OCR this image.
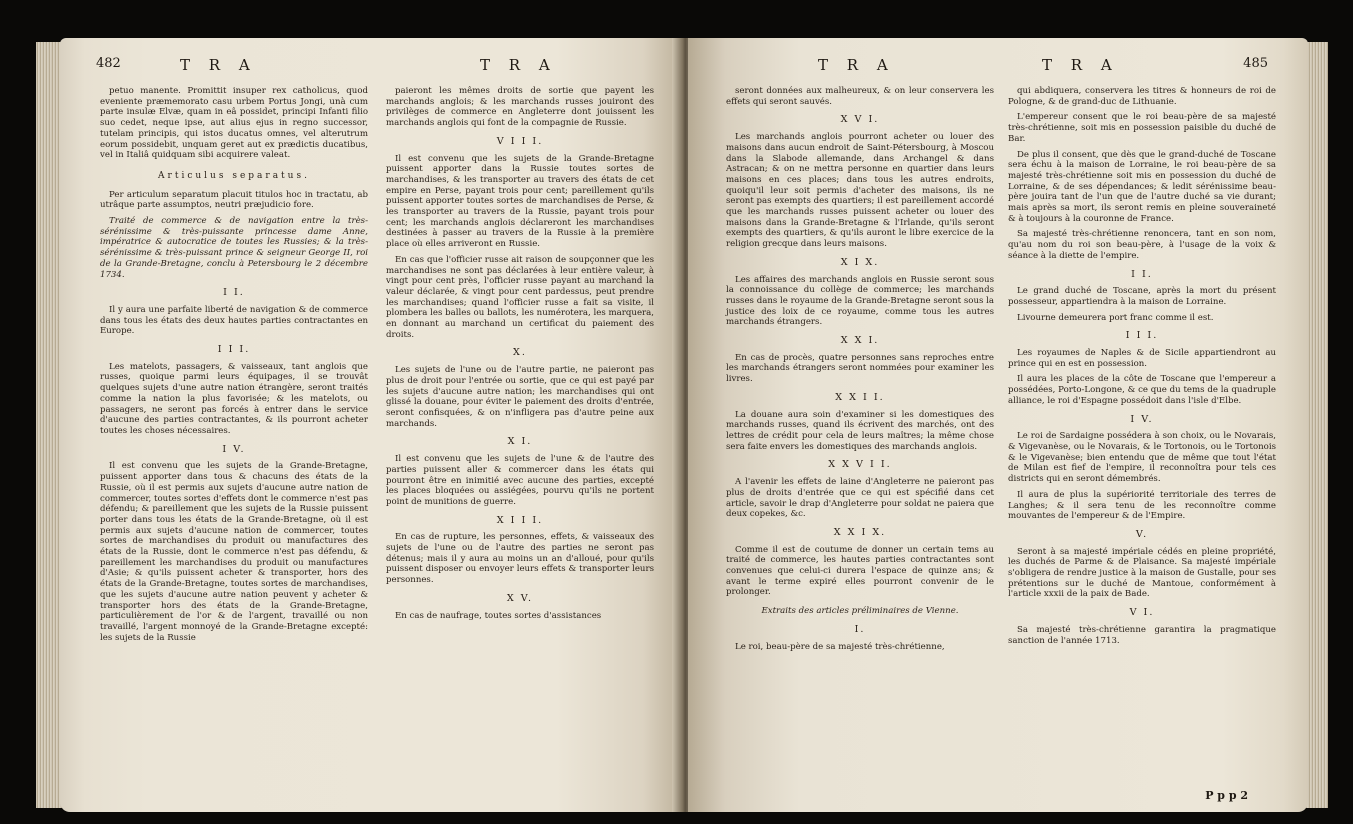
482	T R A	T R A

petuo manente. Promittit insuper rex catholicus, quod eveniente præmemorato casu urbem Portus Jongi, unà cum parte insulæ Elvæ, quam in eâ possidet, principi Infanti filio suo cedet, neque ipse, aut alius ejus in regno successor, tutelam principis, qui istos ducatus omnes, vel alterutrum eorum possidebit, unquam geret aut ex prædictis ducatibus, vel in Italiâ quidquam sibi acquirere valeat.

Articulus separatus.

Per articulum separatum placuit titulos hoc in tractatu, ab utrâque parte assumptos, neutri præjudicio fore.

Traité de commerce & de navigation entre la très-sérénissime & très-puissante princesse dame Anne, impératrice & autocratice de toutes les Russies; & la très-sérénissime & très-puissant prince & seigneur George II, roi de la Grande-Bretagne, conclu à Petersbourg le 2 décembre 1734.

I I.

Il y aura une parfaite liberté de navigation & de commerce dans tous les états des deux hautes parties contractantes en Europe.

I I I.

Les matelots, passagers, & vaisseaux, tant anglois que russes, quoique parmi leurs équipages, il se trouvât quelques sujets d'une autre nation étrangère, seront traités comme la nation la plus favorisée; & les matelots, ou passagers, ne seront pas forcés à entrer dans le service d'aucune des parties contractantes, & ils pourront acheter toutes les choses nécessaires.

I V.

Il est convenu que les sujets de la Grande-Bretagne, puissent apporter dans tous & chacuns des états de la Russie, où il est permis aux sujets d'aucune autre nation de commercer, toutes sortes d'effets dont le commerce n'est pas défendu; & pareillement que les sujets de la Russie puissent porter dans tous les états de la Grande-Bretagne, où il est permis aux sujets d'aucune nation de commercer, toutes sortes de marchandises du produit ou manufactures des états de la Russie, dont le commerce n'est pas défendu, & pareillement les marchandises du produit ou manufactures d'Asie; & qu'ils puissent acheter & transporter, hors des états de la Grande-Bretagne, toutes sortes de marchandises, que les sujets d'aucune autre nation peuvent y acheter & transporter hors des états de la Grande-Bretagne, particulièrement de l'or & de l'argent, travaillé ou non travaillé, l'argent monnoyé de la Grande-Bretagne excepté: les sujets de la Russie

paieront les mêmes droits de sortie que payent les marchands anglois; & les marchands russes jouiront des privilèges de commerce en Angleterre dont jouissent les marchands anglois qui font de la compagnie de Russie.

V I I I.

Il est convenu que les sujets de la Grande-Bretagne puissent apporter dans la Russie toutes sortes de marchandises, & les transporter au travers des états de cet empire en Perse, payant trois pour cent; pareillement qu'ils puissent apporter toutes sortes de marchandises de Perse, & les transporter au travers de la Russie, payant trois pour cent; les marchands anglois déclareront les marchandises destinées à passer au travers de la Russie à la première place où elles arriveront en Russie.

En cas que l'officier russe ait raison de soupçonner que les marchandises ne sont pas déclarées à leur entière valeur, à vingt pour cent près, l'officier russe payant au marchand la valeur déclarée, & vingt pour cent pardessus, peut prendre les marchandises; quand l'officier russe a fait sa visite, il plombera les balles ou ballots, les numérotera, les marquera, en donnant au marchand un certificat du paiement des droits.

X.

Les sujets de l'une ou de l'autre partie, ne paieront pas plus de droit pour l'entrée ou sortie, que ce qui est payé par les sujets d'aucune autre nation; les marchandises qui ont glissé la douane, pour éviter le paiement des droits d'entrée, seront confisquées, & on n'infligera pas d'autre peine aux marchands.

X I.

Il est convenu que les sujets de l'une & de l'autre des parties puissent aller & commercer dans les états qui pourront être en inimitié avec aucune des parties, excepté les places bloquées ou assiégées, pourvu qu'ils ne portent point de munitions de guerre.

X I I I.

En cas de rupture, les personnes, effets, & vaisseaux des sujets de l'une ou de l'autre des parties ne seront pas détenus; mais il y aura au moins un an d'alloué, pour qu'ils puissent disposer ou envoyer leurs effets & transporter leurs personnes.

X V.

En cas de naufrage, toutes sortes d'assistances

T R A	T R A	485

seront données aux malheureux, & on leur conservera les effets qui seront sauvés.

X V I.

Les marchands anglois pourront acheter ou louer des maisons dans aucun endroit de Saint-Pétersbourg, à Moscou dans la Slabode allemande, dans Archangel & dans Astracan; & on ne mettra personne en quartier dans leurs maisons en ces places; dans tous les autres endroits, quoiqu'il leur soit permis d'acheter des maisons, ils ne seront pas exempts des quartiers; il est pareillement accordé que les marchands russes puissent acheter ou louer des maisons dans la Grande-Bretagne & l'Irlande, qu'ils seront exempts des quartiers, & qu'ils auront le libre exercice de la religion grecque dans leurs maisons.

X I X.

Les affaires des marchands anglois en Russie seront sous la connoissance du collège de commerce; les marchands russes dans le royaume de la Grande-Bretagne seront sous la justice des loix de ce royaume, comme tous les autres marchands étrangers.

X X I.

En cas de procès, quatre personnes sans reproches entre les marchands étrangers seront nommées pour examiner les livres.

X X I I.

La douane aura soin d'examiner si les domestiques des marchands russes, quand ils écrivent des marchés, ont des lettres de crédit pour cela de leurs maîtres; la même chose sera faite envers les domestiques des marchands anglois.

X X V I I.

A l'avenir les effets de laine d'Angleterre ne paieront pas plus de droits d'entrée que ce qui est spécifié dans cet article, savoir le drap d'Angleterre pour soldat ne paiera que deux copekes, &c.

X X I X.

Comme il est de coutume de donner un certain tems au traité de commerce, les hautes parties contractantes sont convenues que celui-ci durera l'espace de quinze ans; & avant le terme expiré elles pourront convenir de le prolonger.

Extraits des articles préliminaires de Vienne.

I.

Le roi, beau-père de sa majesté très-chrétienne,

qui abdiquera, conservera les titres & honneurs de roi de Pologne, & de grand-duc de Lithuanie.

L'empereur consent que le roi beau-père de sa majesté très-chrétienne, soit mis en possession paisible du duché de Bar.

De plus il consent, que dès que le grand-duché de Toscane sera échu à la maison de Lorraine, le roi beau-père de sa majesté très-chrétienne soit mis en possession du duché de Lorraine, & de ses dépendances; & ledit sérénissime beau-père jouira tant de l'un que de l'autre duché sa vie durant; mais après sa mort, ils seront remis en pleine souveraineté & à toujours à la couronne de France.

Sa majesté très-chrétienne renoncera, tant en son nom, qu'au nom du roi son beau-père, à l'usage de la voix & séance à la diette de l'empire.

I I.

Le grand duché de Toscane, après la mort du présent possesseur, appartiendra à la maison de Lorraine.

Livourne demeurera port franc comme il est.

I I I.

Les royaumes de Naples & de Sicile appartiendront au prince qui en est en possession.

Il aura les places de la côte de Toscane que l'empereur a possédées, Porto-Longone, & ce que du tems de la quadruple alliance, le roi d'Espagne possédoit dans l'isle d'Elbe.

I V.

Le roi de Sardaigne possédera à son choix, ou le Novarais, & Vigevanèse, ou le Novarais, & le Tortonois, ou le Tortonois & le Vigevanèse; bien entendu que de même que tout l'état de Milan est fief de l'empire, il reconnoîtra pour tels ces districts qui en seront démembrés.

Il aura de plus la supériorité territoriale des terres de Langhes; & il sera tenu de les reconnoître comme mouvantes de l'empereur & de l'Empire.

V.

Seront à sa majesté impériale cédés en pleine propriété, les duchés de Parme & de Plaisance. Sa majesté impériale s'obligera de rendre justice à la maison de Gustalle, pour ses prétentions sur le duché de Mantoue, conformément à l'article xxxii de la paix de Bade.

V I.

Sa majesté très-chrétienne garantira la pragmatique sanction de l'année 1713.

P p p 2
